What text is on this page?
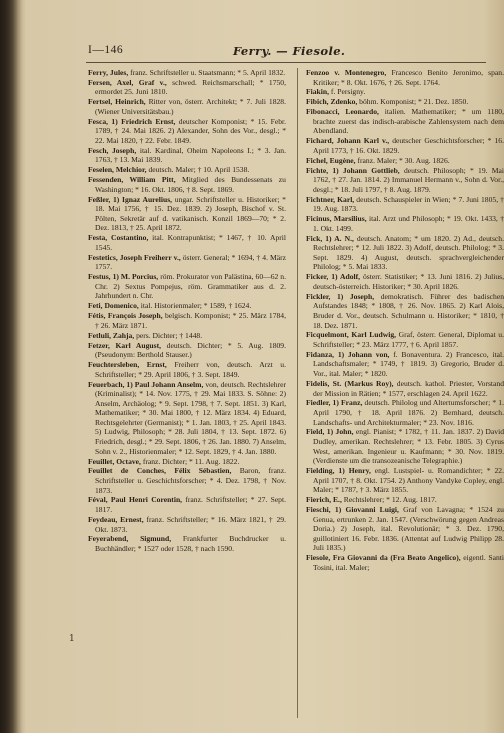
I—146	Ferry. — Fiesole.

Ferry, Jules, franz. Schriftsteller u. Staatsmann; * 5. April 1832.

Fersen, Axel, Graf v., schwed. Reichsmarschall; * 1750, ermordet 25. Juni 1810.

Fertsel, Heinrich, Ritter von, österr. Architekt; * 7. Juli 1828. (Wiener Universitätsbau.)

Fesca, 1) Friedrich Ernst, deutscher Komponist; * 15. Febr. 1789, † 24. Mai 1826. 2) Alexander, Sohn des Vor., desgl.; * 22. Mai 1820, † 22. Febr. 1849.

Fesch, Joseph, ital. Kardinal, Oheim Napoleons I.; * 3. Jan. 1763, † 13. Mai 1839.

Feselen, Melchior, deutsch. Maler; † 10. April 1538.

Fessenden, William Pitt, Mitglied des Bundessenats zu Washington; * 16. Okt. 1806, † 8. Sept. 1869.

Feßler, 1) Ignaz Aurelius, ungar. Schriftsteller u. Historiker; * 18. Mai 1756, † 15. Dez. 1839. 2) Joseph, Bischof v. St. Pölten, Sekretär auf d. vatikanisch. Konzil 1869—70; * 2. Dez. 1813, † 25. April 1872.

Festa, Costantino, ital. Kontrapunktist; * 1467, † 10. April 1545.

Festetics, Joseph Freiherr v., österr. General; * 1694, † 4. März 1757.

Festus, 1) M. Porcius, röm. Prokurator von Palästina, 60—62 n. Chr. 2) Sextus Pompejus, röm. Grammatiker aus d. 2. Jahrhundert n. Chr.

Feti, Domenico, ital. Historienmaler; * 1589, † 1624.

Fétis, François Joseph, belgisch. Komponist; * 25. März 1784, † 26. März 1871.

Fetluli, Zahja, pers. Dichter; † 1448.

Fetzer, Karl August, deutsch. Dichter; * 5. Aug. 1809. (Pseudonym: Berthold Stauser.)

Feuchtersleben, Ernst, Freiherr von, deutsch. Arzt u. Schriftsteller; * 29. April 1806, † 3. Sept. 1849.

Feuerbach, 1) Paul Johann Anselm, von, deutsch. Rechtslehrer (Kriminalist); * 14. Nov. 1775, † 29. Mai 1833. S. Söhne: 2) Anselm, Archäolog; * 9. Sept. 1798, † 7. Sept. 1851. 3) Karl, Mathematiker; * 30. Mai 1800, † 12. März 1834. 4) Eduard, Rechtsgelehrter (Germanist); * 1. Jan. 1803, † 25. April 1843. 5) Ludwig, Philosoph; * 28. Juli 1804, † 13. Sept. 1872. 6) Friedrich, desgl.; * 29. Sept. 1806, † 26. Jan. 1880. 7) Anselm, Sohn v. 2., Historienmaler; * 12. Sept. 1829, † 4. Jan. 1880.

Feuillet, Octave, franz. Dichter; * 11. Aug. 1822.

Feuillet de Conches, Félix Sébastien, Baron, franz. Schriftsteller u. Geschichtsforscher; * 4. Dez. 1798, † Nov. 1873.

Féval, Paul Henri Corentin, franz. Schriftsteller; * 27. Sept. 1817.

Feydeau, Ernest, franz. Schriftsteller; * 16. März 1821, † 29. Okt. 1873.

Feyerabend, Sigmund, Frankfurter Buchdrucker u. Buchhändler; * 1527 oder 1528, † nach 1590.

Fenzoo v. Montenegro, Francesco Benito Jeronimo, span. Kritiker; * 8. Okt. 1676, † 26. Sept. 1764.

Fiakin, f. Persigny.

Fibich, Zdenko, böhm. Komponist; * 21. Dez. 1850.

Fibonacci, Leonardo, italien. Mathematiker; * um 1180, brachte zuerst das indisch-arabische Zahlensystem nach dem Abendland.

Fichard, Johann Karl v., deutscher Geschichtsforscher; * 16. April 1773, † 16. Okt. 1829.

Fichel, Eugène, franz. Maler; * 30. Aug. 1826.

Fichte, 1) Johann Gottlieb, deutsch. Philosoph; * 19. Mai 1762, † 27. Jan. 1814. 2) Immanuel Hermann v., Sohn d. Vor., desgl.; * 18. Juli 1797, † 8. Aug. 1879.

Fichtner, Karl, deutsch. Schauspieler in Wien; * 7. Juni 1805, † 19. Aug. 1873.

Ficinus, Marsilius, ital. Arzt und Philosoph; * 19. Okt. 1433, † 1. Okt. 1499.

Fick, 1) A. N., deutsch. Anatom; * um 1820. 2) Ad., deutsch. Rechtslehrer; * 12. Juli 1822. 3) Adolf, deutsch. Philolog; * 3. Sept. 1829. 4) August, deutsch. sprachvergleichender Philolog; * 5. Mai 1833.

Ficker, 1) Adolf, österr. Statistiker; * 13. Juni 1816. 2) Julius, deutsch-österreich. Historiker; * 30. April 1826.

Fickler, 1) Joseph, demokratisch. Führer des badischen Aufstandes 1848; * 1808, † 26. Nov. 1865. 2) Karl Alois, Bruder d. Vor., deutsch. Schulmann u. Historiker; * 1810, † 18. Dez. 1871.

Ficquelmont, Karl Ludwig, Graf, österr. General, Diplomat u. Schriftsteller; * 23. März 1777, † 6. April 1857.

Fidanza, 1) Johann von, f. Bonaventura. 2) Francesco, ital. Landschaftsmaler; * 1749, † 1819. 3) Gregorio, Bruder d. Vor., ital. Maler; * 1820.

Fidelis, St. (Markus Roy), deutsch. kathol. Priester, Vorstand der Mission in Rätien; * 1577, erschlagen 24. April 1622.

Fiedler, 1) Franz, deutsch. Philolog und Altertumsforscher; * 1. April 1790, † 18. April 1876. 2) Bernhard, deutsch. Landschafts- und Architekturmaler; * 23. Nov. 1816.

Field, 1) John, engl. Pianist; * 1782, † 11. Jan. 1837. 2) David Dudley, amerikan. Rechtslehrer; * 13. Febr. 1805. 3) Cyrus West, amerikan. Ingenieur u. Kaufmann; * 30. Nov. 1819. (Verdienste um die transozeanische Telegraphie.)

Fielding, 1) Henry, engl. Lustspiel- u. Romandichter; * 22. April 1707, † 8. Okt. 1754. 2) Anthony Vandyke Copley, engl. Maler; * 1787, † 3. März 1855.

Fierich, E., Rechtslehrer; * 12. Aug. 1817.

Fieschi, 1) Giovanni Luigi, Graf von Lavagna; * 1524 zu Genua, ertrunken 2. Jan. 1547. (Verschwörung gegen Andreas Doria.) 2) Joseph, ital. Revolutionär; * 3. Dez. 1790, guillotiniert 16. Febr. 1836. (Attentat auf Ludwig Philipp 28. Juli 1835.)

Fiesole, Fra Giovanni da (Fra Beato Angelico), eigentl. Santi Tosini, ital. Maler;

1
